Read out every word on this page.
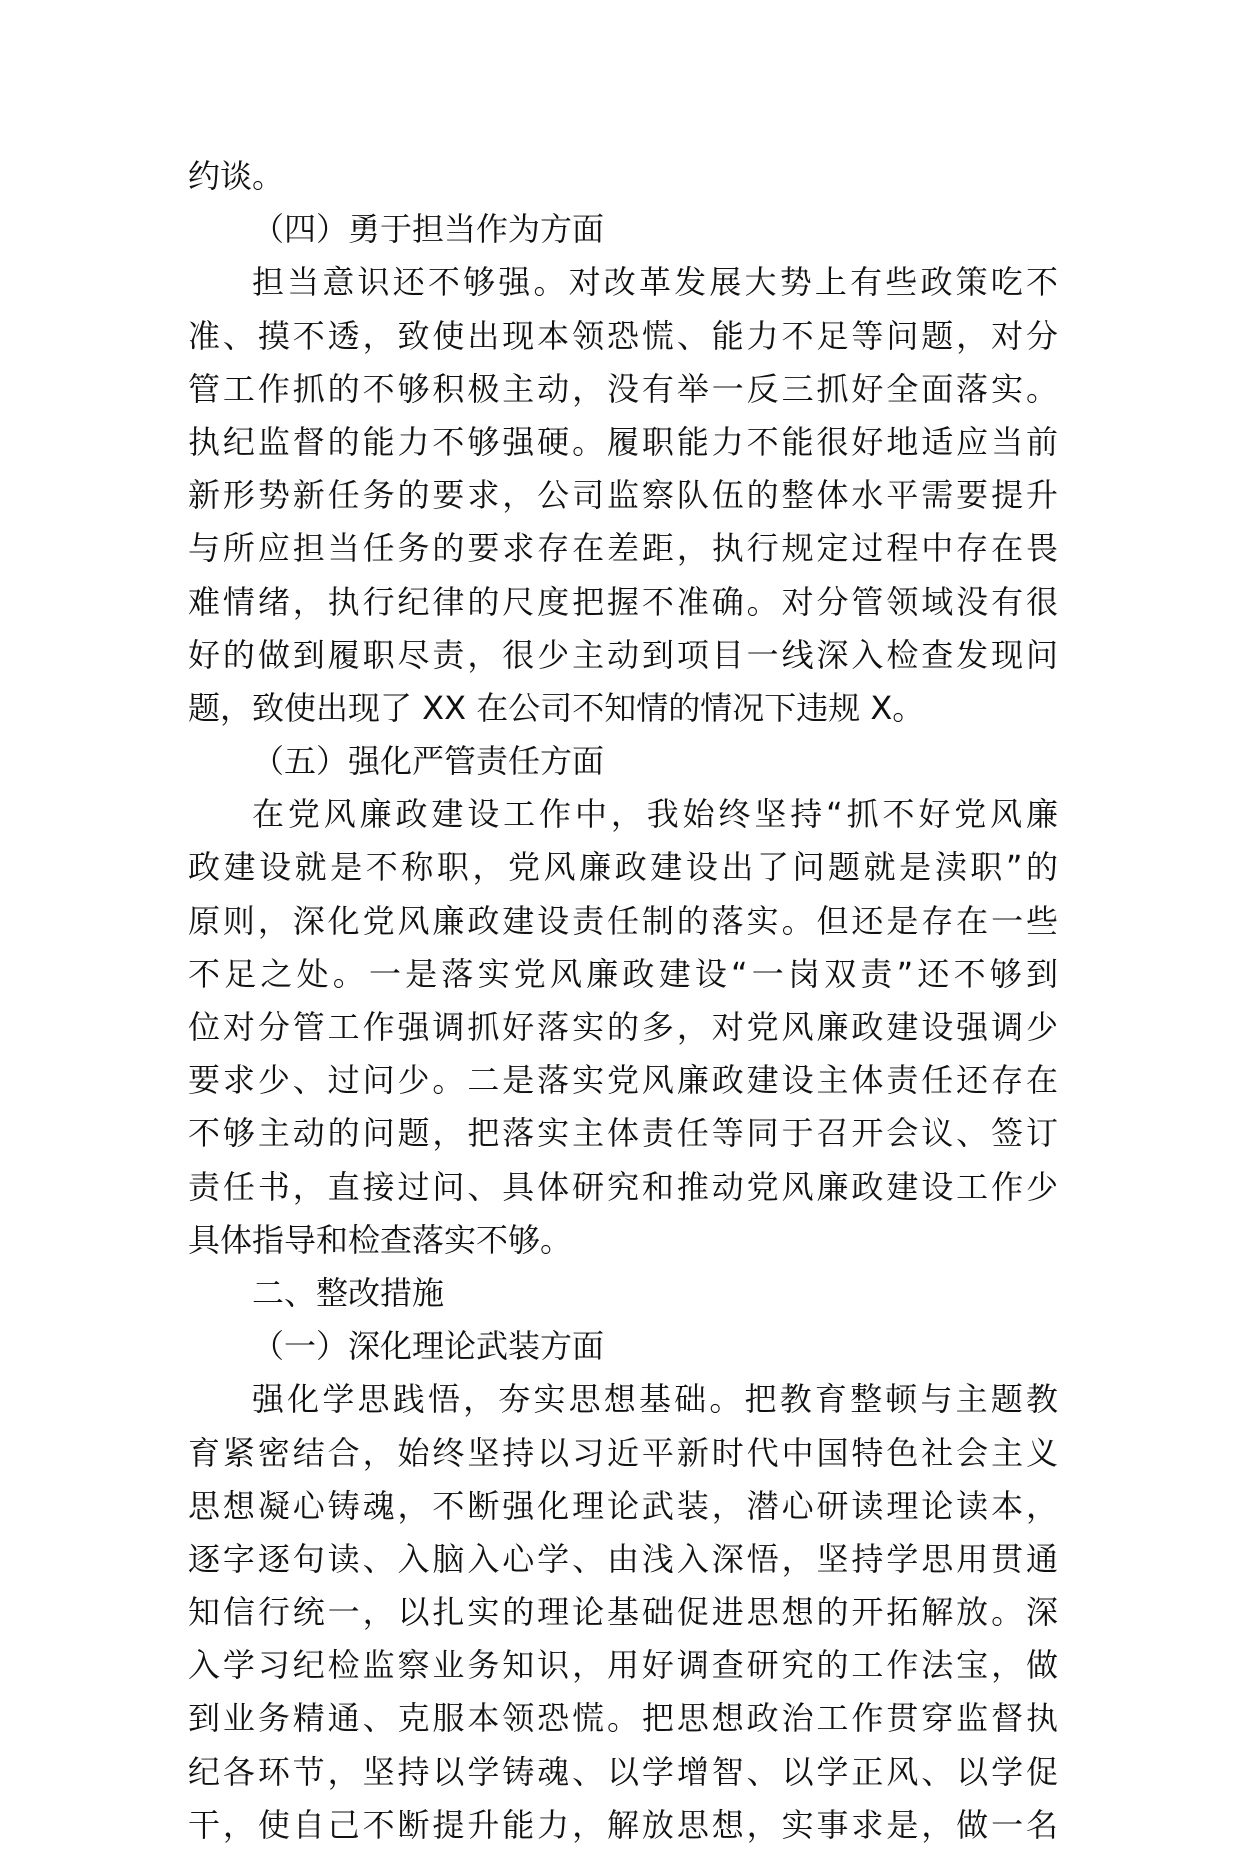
约谈。
（四）勇于担当作为方面
担当意识还不够强。对改革发展大势上有些政策吃不
准、摸不透，致使出现本领恐慌、能力不足等问题，对分
管工作抓的不够积极主动，没有举一反三抓好全面落实。
执纪监督的能力不够强硬。履职能力不能很好地适应当前
新形势新任务的要求，公司监察队伍的整体水平需要提升
与所应担当任务的要求存在差距，执行规定过程中存在畏
难情绪，执行纪律的尺度把握不准确。对分管领域没有很
好的做到履职尽责，很少主动到项目一线深入检查发现问
题，致使出现了 XX 在公司不知情的情况下违规 X。
（五）强化严管责任方面
在党风廉政建设工作中，我始终坚持“抓不好党风廉
政建设就是不称职，党风廉政建设出了问题就是渎职”的
原则，深化党风廉政建设责任制的落实。但还是存在一些
不足之处。一是落实党风廉政建设“一岗双责”还不够到
位对分管工作强调抓好落实的多，对党风廉政建设强调少
要求少、过问少。二是落实党风廉政建设主体责任还存在
不够主动的问题，把落实主体责任等同于召开会议、签订
责任书，直接过问、具体研究和推动党风廉政建设工作少
具体指导和检查落实不够。
二、整改措施
（一）深化理论武装方面
强化学思践悟，夯实思想基础。把教育整顿与主题教
育紧密结合，始终坚持以习近平新时代中国特色社会主义
思想凝心铸魂，不断强化理论武装，潜心研读理论读本，
逐字逐句读、入脑入心学、由浅入深悟，坚持学思用贯通
知信行统一，以扎实的理论基础促进思想的开拓解放。深
入学习纪检监察业务知识，用好调查研究的工作法宝，做
到业务精通、克服本领恐慌。把思想政治工作贯穿监督执
纪各环节，坚持以学铸魂、以学增智、以学正风、以学促
干，使自己不断提升能力，解放思想，实事求是，做一名
